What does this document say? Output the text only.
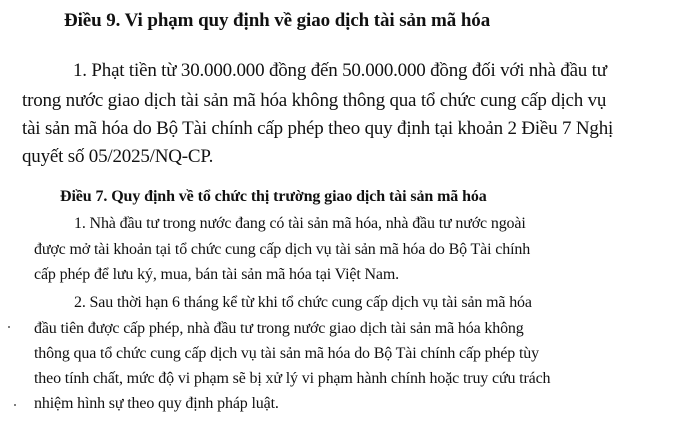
Điều 9. Vi phạm quy định về giao dịch tài sản mã hóa
1. Phạt tiền từ 30.000.000 đồng đến 50.000.000 đồng đối với nhà đầu tư
trong nước giao dịch tài sản mã hóa không thông qua tổ chức cung cấp dịch vụ
tài sản mã hóa do Bộ Tài chính cấp phép theo quy định tại khoản 2 Điều 7 Nghị
quyết số 05/2025/NQ-CP.
Điều 7. Quy định về tổ chức thị trường giao dịch tài sản mã hóa
1. Nhà đầu tư trong nước đang có tài sản mã hóa, nhà đầu tư nước ngoài
được mở tài khoản tại tổ chức cung cấp dịch vụ tài sản mã hóa do Bộ Tài chính
cấp phép để lưu ký, mua, bán tài sản mã hóa tại Việt Nam.
2. Sau thời hạn 6 tháng kể từ khi tổ chức cung cấp dịch vụ tài sản mã hóa
đầu tiên được cấp phép, nhà đầu tư trong nước giao dịch tài sản mã hóa không
thông qua tổ chức cung cấp dịch vụ tài sản mã hóa do Bộ Tài chính cấp phép tùy
theo tính chất, mức độ vi phạm sẽ bị xử lý vi phạm hành chính hoặc truy cứu trách
nhiệm hình sự theo quy định pháp luật.
